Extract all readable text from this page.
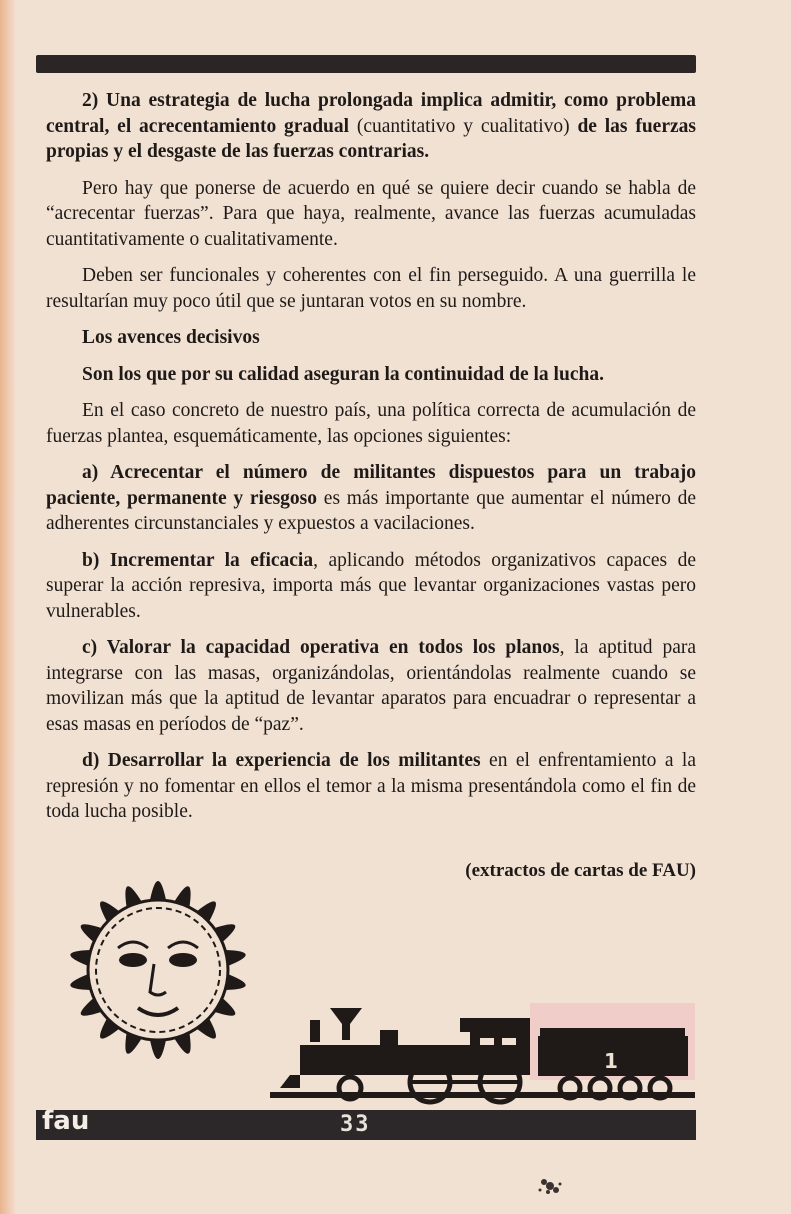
2) Una estrategia de lucha prolongada implica admitir, como problema central, el acrecentamiento gradual (cuantitativo y cualitativo) de las fuerzas propias y el desgaste de las fuerzas contrarias.

Pero hay que ponerse de acuerdo en qué se quiere decir cuando se habla de “acrecentar fuerzas”. Para que haya, realmente, avance las fuerzas acumuladas cuantitativamente o cualitativamente.

Deben ser funcionales y coherentes con el fin perseguido. A una guerrilla le resultarían muy poco útil que se juntaran votos en su nombre.

Los avences decisivos

Son los que por su calidad aseguran la continuidad de la lucha.

En el caso concreto de nuestro país, una política correcta de acumulación de fuerzas plantea, esquemáticamente, las opciones siguientes:

a) Acrecentar el número de militantes dispuestos para un trabajo paciente, permanente y riesgoso es más importante que aumentar el número de adherentes circunstanciales y expuestos a vacilaciones.

b) Incrementar la eficacia, aplicando métodos organizativos capaces de superar la acción represiva, importa más que levantar organizaciones vastas pero vulnerables.

c) Valorar la capacidad operativa en todos los planos, la aptitud para integrarse con las masas, organizándolas, orientándolas realmente cuando se movilizan más que la aptitud de levantar aparatos para encuadrar o representar a esas masas en períodos de “paz”.

d) Desarrollar la experiencia de los militantes en el enfrentamiento a la represión y no fomentar en ellos el temor a la misma presentándola como el fin de toda lucha posible.

(extractos de cartas de FAU)
1
fau	33
